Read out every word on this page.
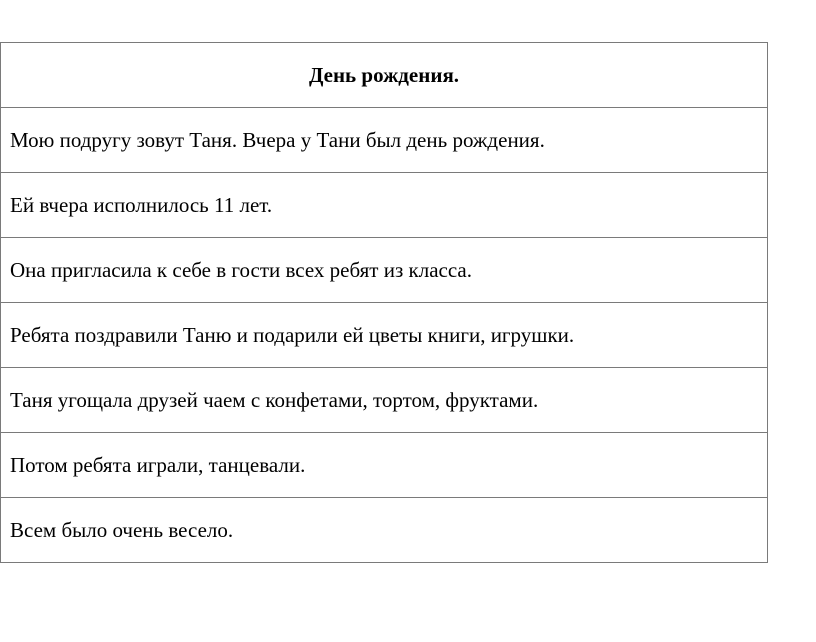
День рождения.
Мою подругу зовут Таня. Вчера у Тани был день рождения.
Ей вчера исполнилось 11 лет.
Она пригласила к себе в гости всех ребят из класса.
Ребята поздравили Таню и подарили ей цветы книги, игрушки.
Таня угощала друзей чаем с конфетами, тортом, фруктами.
Потом ребята играли, танцевали.
Всем было очень весело.
